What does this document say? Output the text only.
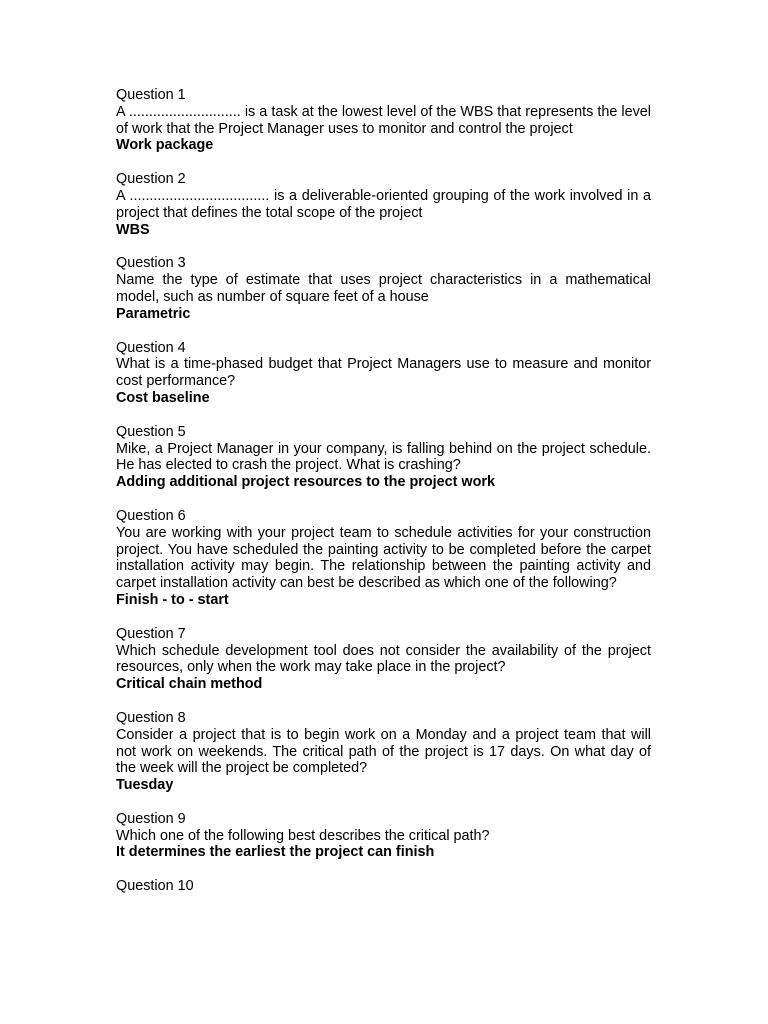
Question 1
A ............................ is a task at the lowest level of the WBS that represents the level of work that the Project Manager uses to monitor and control the project
Work package
Question 2
A ................................... is a deliverable-oriented grouping of the work involved in a project that defines the total scope of the project
WBS
Question 3
Name the type of estimate that uses project characteristics in a mathematical model, such as number of square feet of a house
Parametric
Question 4
What is a time-phased budget that Project Managers use to measure and monitor cost performance?
Cost baseline
Question 5
Mike, a Project Manager in your company, is falling behind on the project schedule. He has elected to crash the project. What is crashing?
Adding additional project resources to the project work
Question 6
You are working with your project team to schedule activities for your construction project. You have scheduled the painting activity to be completed before the carpet installation activity may begin. The relationship between the painting activity and carpet installation activity can best be described as which one of the following?
Finish - to - start
Question 7
Which schedule development tool does not consider the availability of the project resources, only when the work may take place in the project?
Critical chain method
Question 8
Consider a project that is to begin work on a Monday and a project team that will not work on weekends. The critical path of the project is 17 days. On what day of the week will the project be completed?
Tuesday
Question 9
Which one of the following best describes the critical path?
It determines the earliest the project can finish
Question 10
